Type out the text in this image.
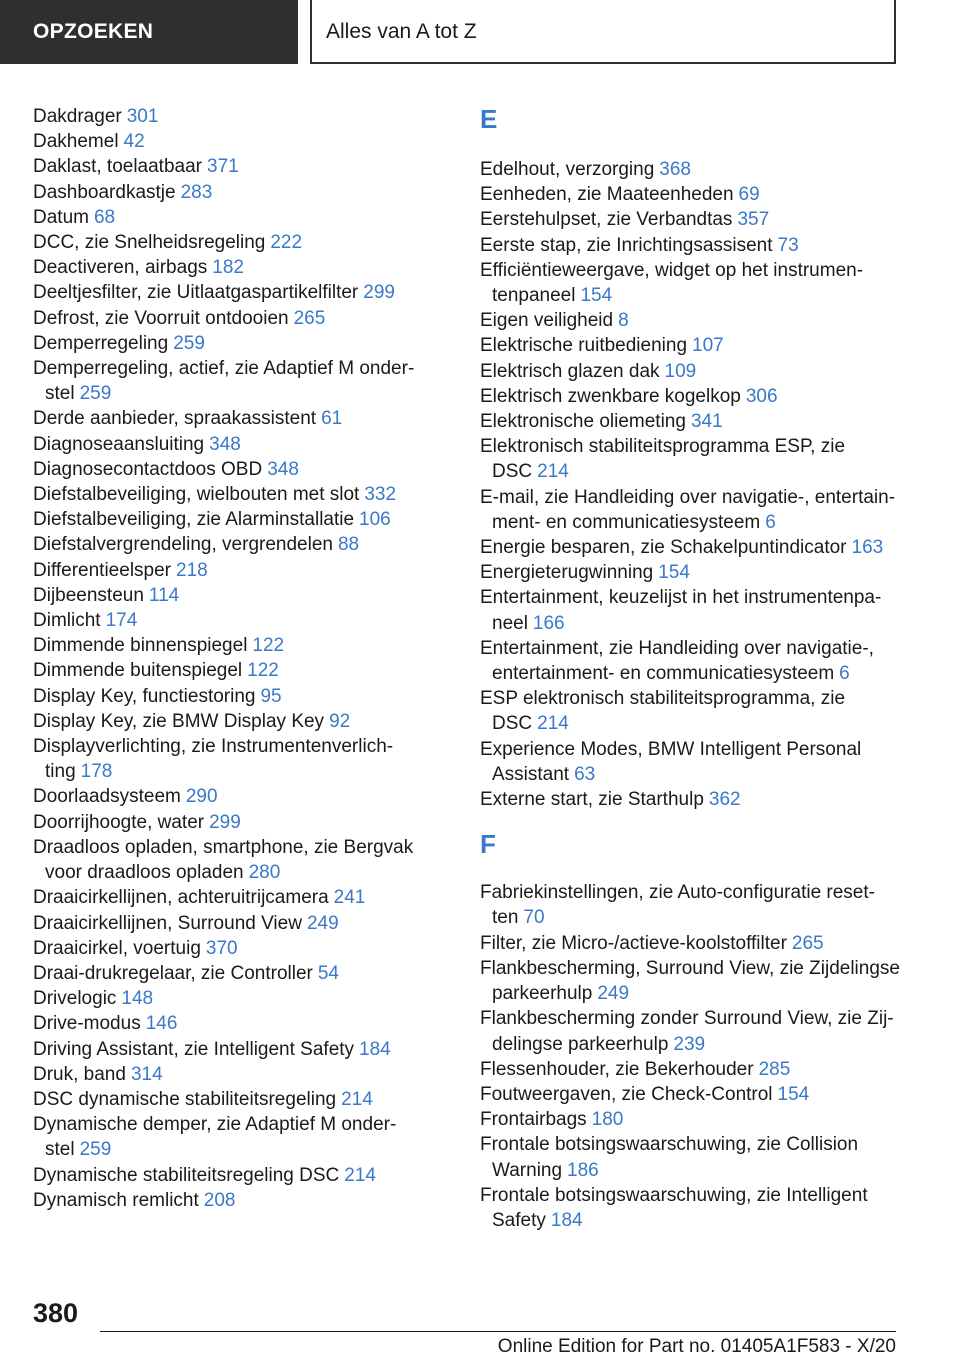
OPZOEKEN	Alles van A tot Z
Dakdrager 301
Dakhemel 42
Daklast, toelaatbaar 371
Dashboardkastje 283
Datum 68
DCC, zie Snelheidsregeling 222
Deactiveren, airbags 182
Deeltjesfilter, zie Uitlaatgaspartikelfilter 299
Defrost, zie Voorruit ontdooien 265
Demperregeling 259
Demperregeling, actief, zie Adaptief M onderstel 259
Derde aanbieder, spraakassistent 61
Diagnoseaansluiting 348
Diagnosecontactdoos OBD 348
Diefstalbeveiliging, wielbouten met slot 332
Diefstalbeveiliging, zie Alarminstallatie 106
Diefstalvergrendeling, vergrendelen 88
Differentieelsper 218
Dijbeensteun 114
Dimlicht 174
Dimmende binnenspiegel 122
Dimmende buitenspiegel 122
Display Key, functiestoring 95
Display Key, zie BMW Display Key 92
Displayverlichting, zie Instrumentenverlichting 178
Doorlaadsysteem 290
Doorrijhoogte, water 299
Draadloos opladen, smartphone, zie Bergvak voor draadloos opladen 280
Draaicirkellijnen, achteruitrijcamera 241
Draaicirkellijnen, Surround View 249
Draaicirkel, voertuig 370
Draai-drukregelaar, zie Controller 54
Drivelogic 148
Drive-modus 146
Driving Assistant, zie Intelligent Safety 184
Druk, band 314
DSC dynamische stabiliteitsregeling 214
Dynamische demper, zie Adaptief M onderstel 259
Dynamische stabiliteitsregeling DSC 214
Dynamisch remlicht 208
E
Edelhout, verzorging 368
Eenheden, zie Maateenheden 69
Eerstehulpset, zie Verbandtas 357
Eerste stap, zie Inrichtingsassisent 73
Efficiëntieweergave, widget op het instrumentenpaneel 154
Eigen veiligheid 8
Elektrische ruitbediening 107
Elektrisch glazen dak 109
Elektrisch zwenkbare kogelkop 306
Elektronische oliemeting 341
Elektronisch stabiliteitsprogramma ESP, zie DSC 214
E-mail, zie Handleiding over navigatie-, entertainment- en communicatiesysteem 6
Energie besparen, zie Schakelpuntindicator 163
Energieterugwinning 154
Entertainment, keuzelijst in het instrumentenpaneel 166
Entertainment, zie Handleiding over navigatie-, entertainment- en communicatiesysteem 6
ESP elektronisch stabiliteitsprogramma, zie DSC 214
Experience Modes, BMW Intelligent Personal Assistant 63
Externe start, zie Starthulp 362
F
Fabriekinstellingen, zie Auto-configuratie resetten 70
Filter, zie Micro-/actieve-koolstoffilter 265
Flankbescherming, Surround View, zie Zijdelingse parkeerhulp 249
Flankbescherming zonder Surround View, zie Zijdelingse parkeerhulp 239
Flessenhouder, zie Bekerhouder 285
Foutweergaven, zie Check-Control 154
Frontairbags 180
Frontale botsingswaarschuwing, zie Collision Warning 186
Frontale botsingswaarschuwing, zie Intelligent Safety 184
380
Online Edition for Part no. 01405A1F583 - X/20
